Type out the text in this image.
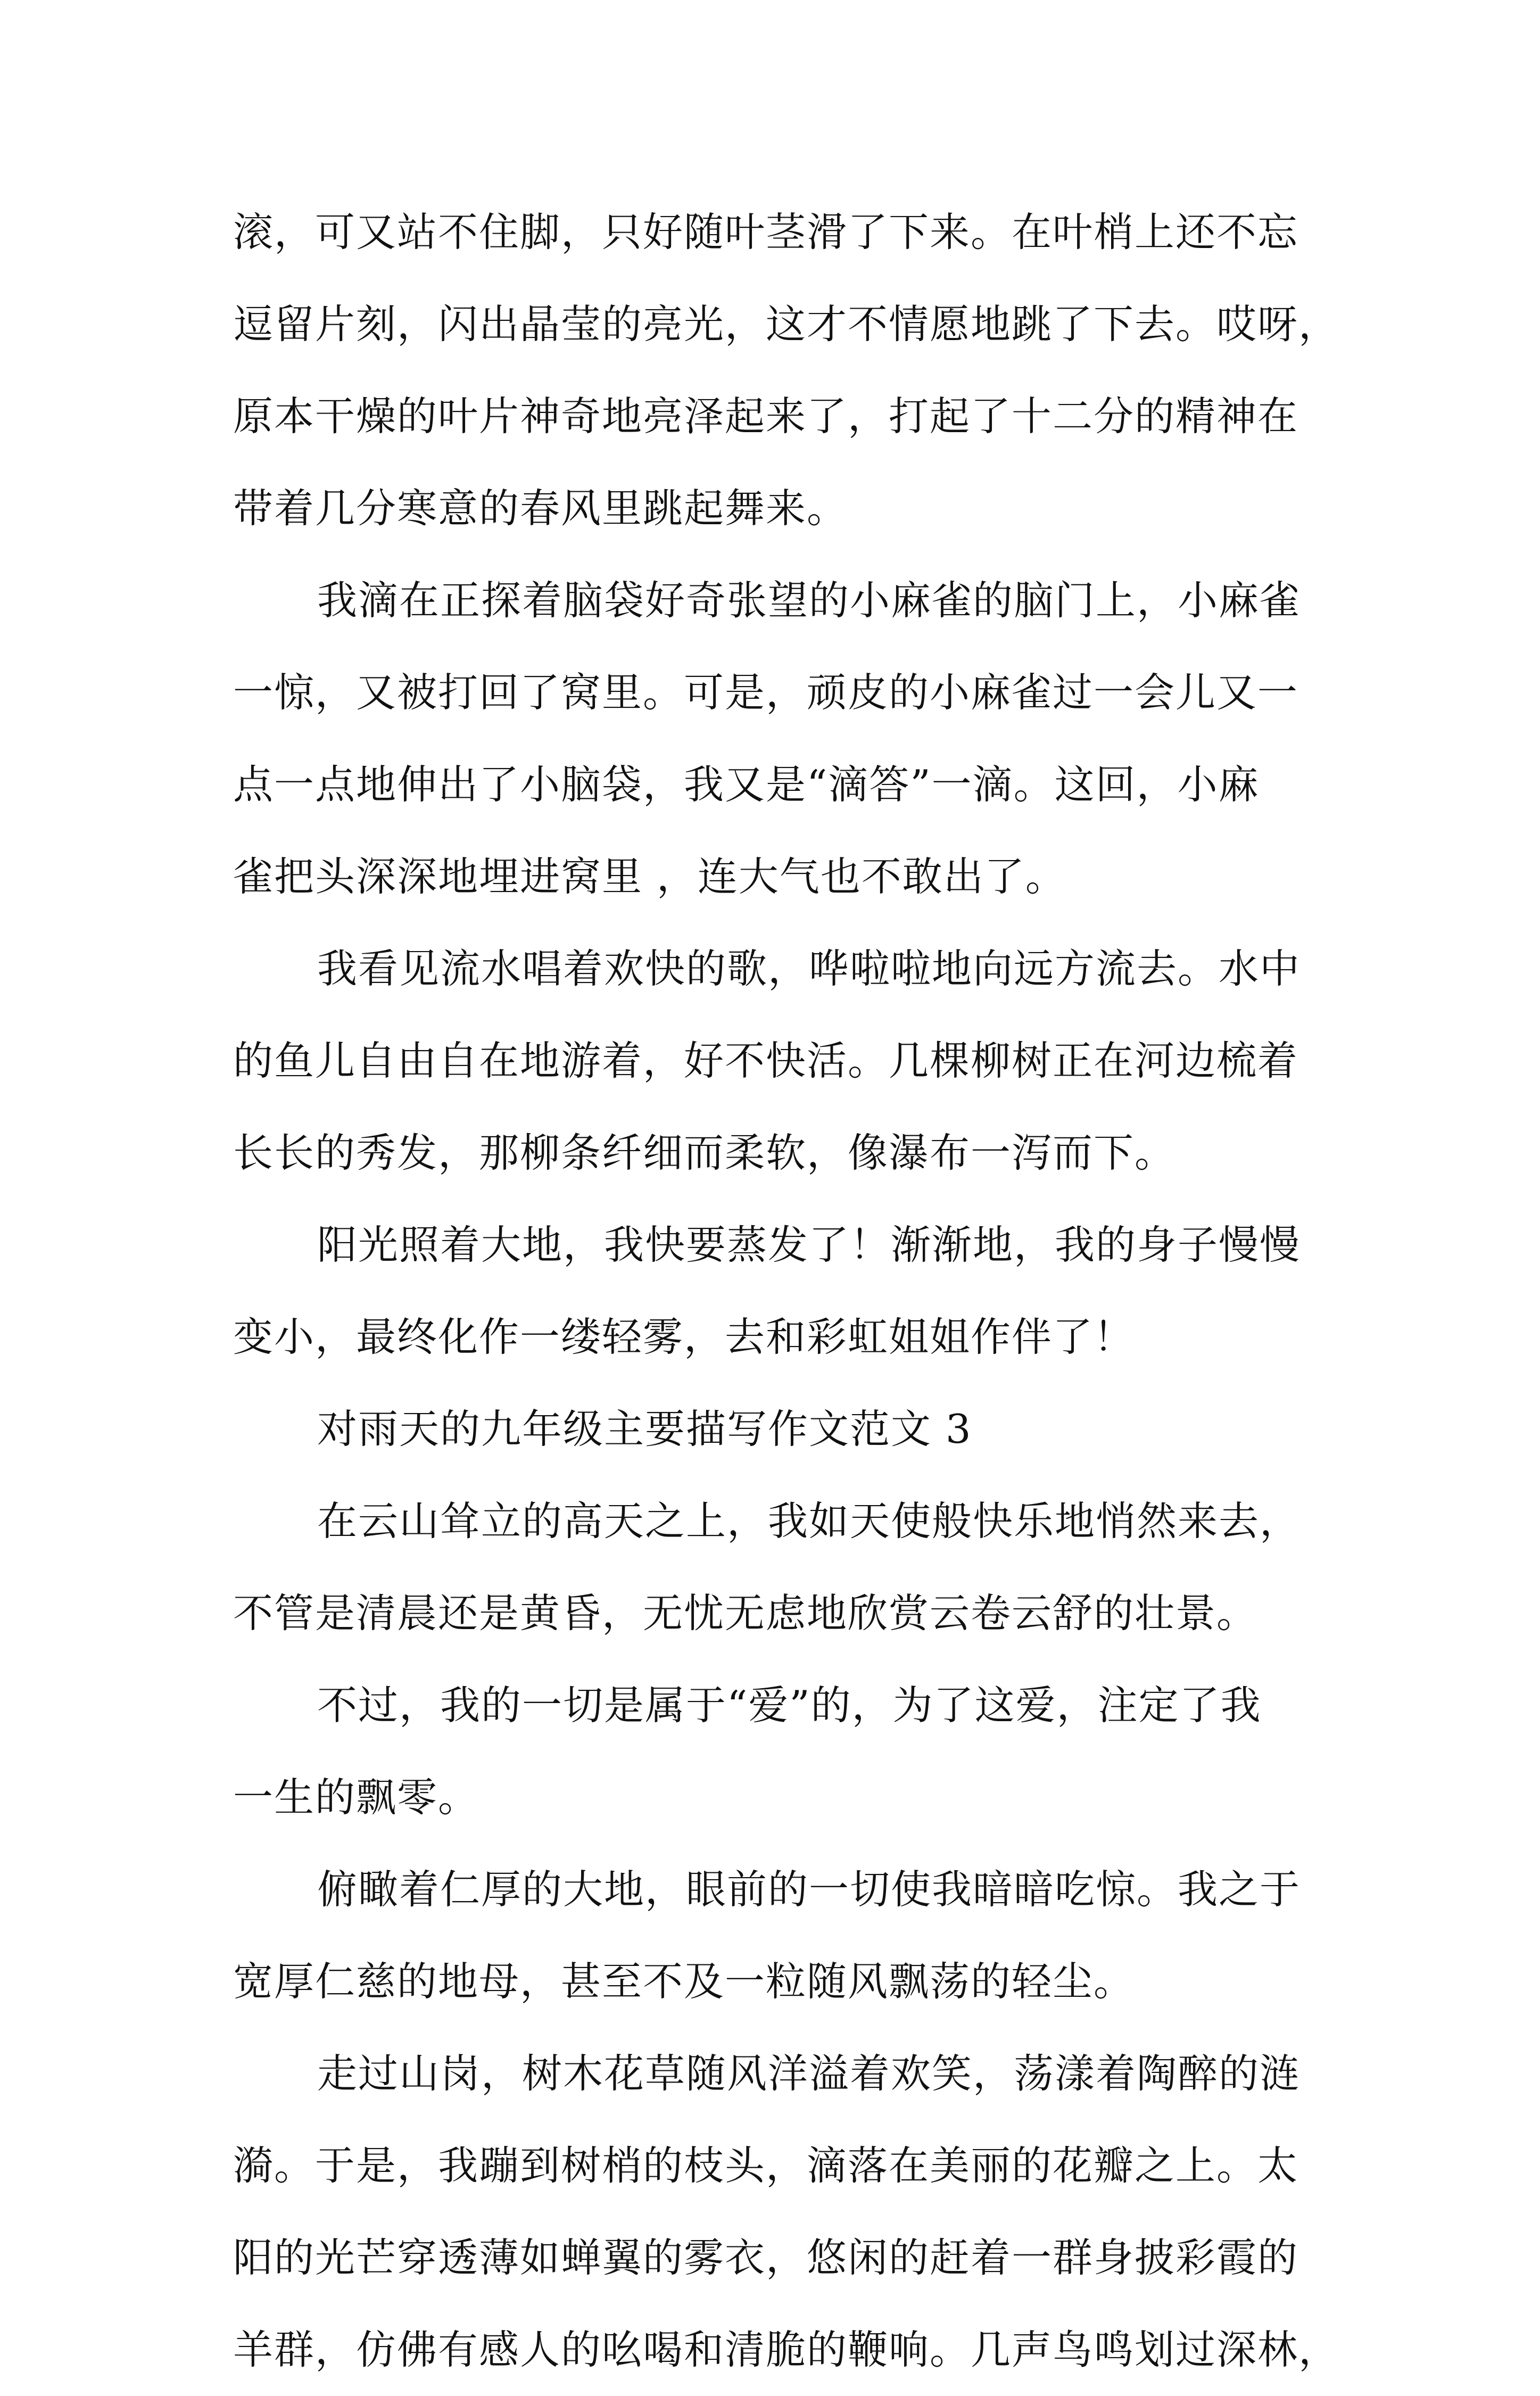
滚，可又站不住脚，只好随叶茎滑了下来。在叶梢上还不忘
逗留片刻，闪出晶莹的亮光，这才不情愿地跳了下去。哎呀，
原本干燥的叶片神奇地亮泽起来了，打起了十二分的精神在
带着几分寒意的春风里跳起舞来。
我滴在正探着脑袋好奇张望的小麻雀的脑门上，小麻雀
一惊，又被打回了窝里。可是，顽皮的小麻雀过一会儿又一
点一点地伸出了小脑袋，我又是“滴答”一滴。这回，小麻
雀把头深深地埋进窝里 ，连大气也不敢出了。
我看见流水唱着欢快的歌，哗啦啦地向远方流去。水中
的鱼儿自由自在地游着，好不快活。几棵柳树正在河边梳着
长长的秀发，那柳条纤细而柔软，像瀑布一泻而下。
阳光照着大地，我快要蒸发了！渐渐地，我的身子慢慢
变小，最终化作一缕轻雾，去和彩虹姐姐作伴了！
对雨天的九年级主要描写作文范文 3
在云山耸立的高天之上，我如天使般快乐地悄然来去，
不管是清晨还是黄昏，无忧无虑地欣赏云卷云舒的壮景。
不过，我的一切是属于“爱”的，为了这爱，注定了我
一生的飘零。
俯瞰着仁厚的大地，眼前的一切使我暗暗吃惊。我之于
宽厚仁慈的地母，甚至不及一粒随风飘荡的轻尘。
走过山岗，树木花草随风洋溢着欢笑，荡漾着陶醉的涟
漪。于是，我蹦到树梢的枝头，滴落在美丽的花瓣之上。太
阳的光芒穿透薄如蝉翼的雾衣，悠闲的赶着一群身披彩霞的
羊群，仿佛有感人的吆喝和清脆的鞭响。几声鸟鸣划过深林，
